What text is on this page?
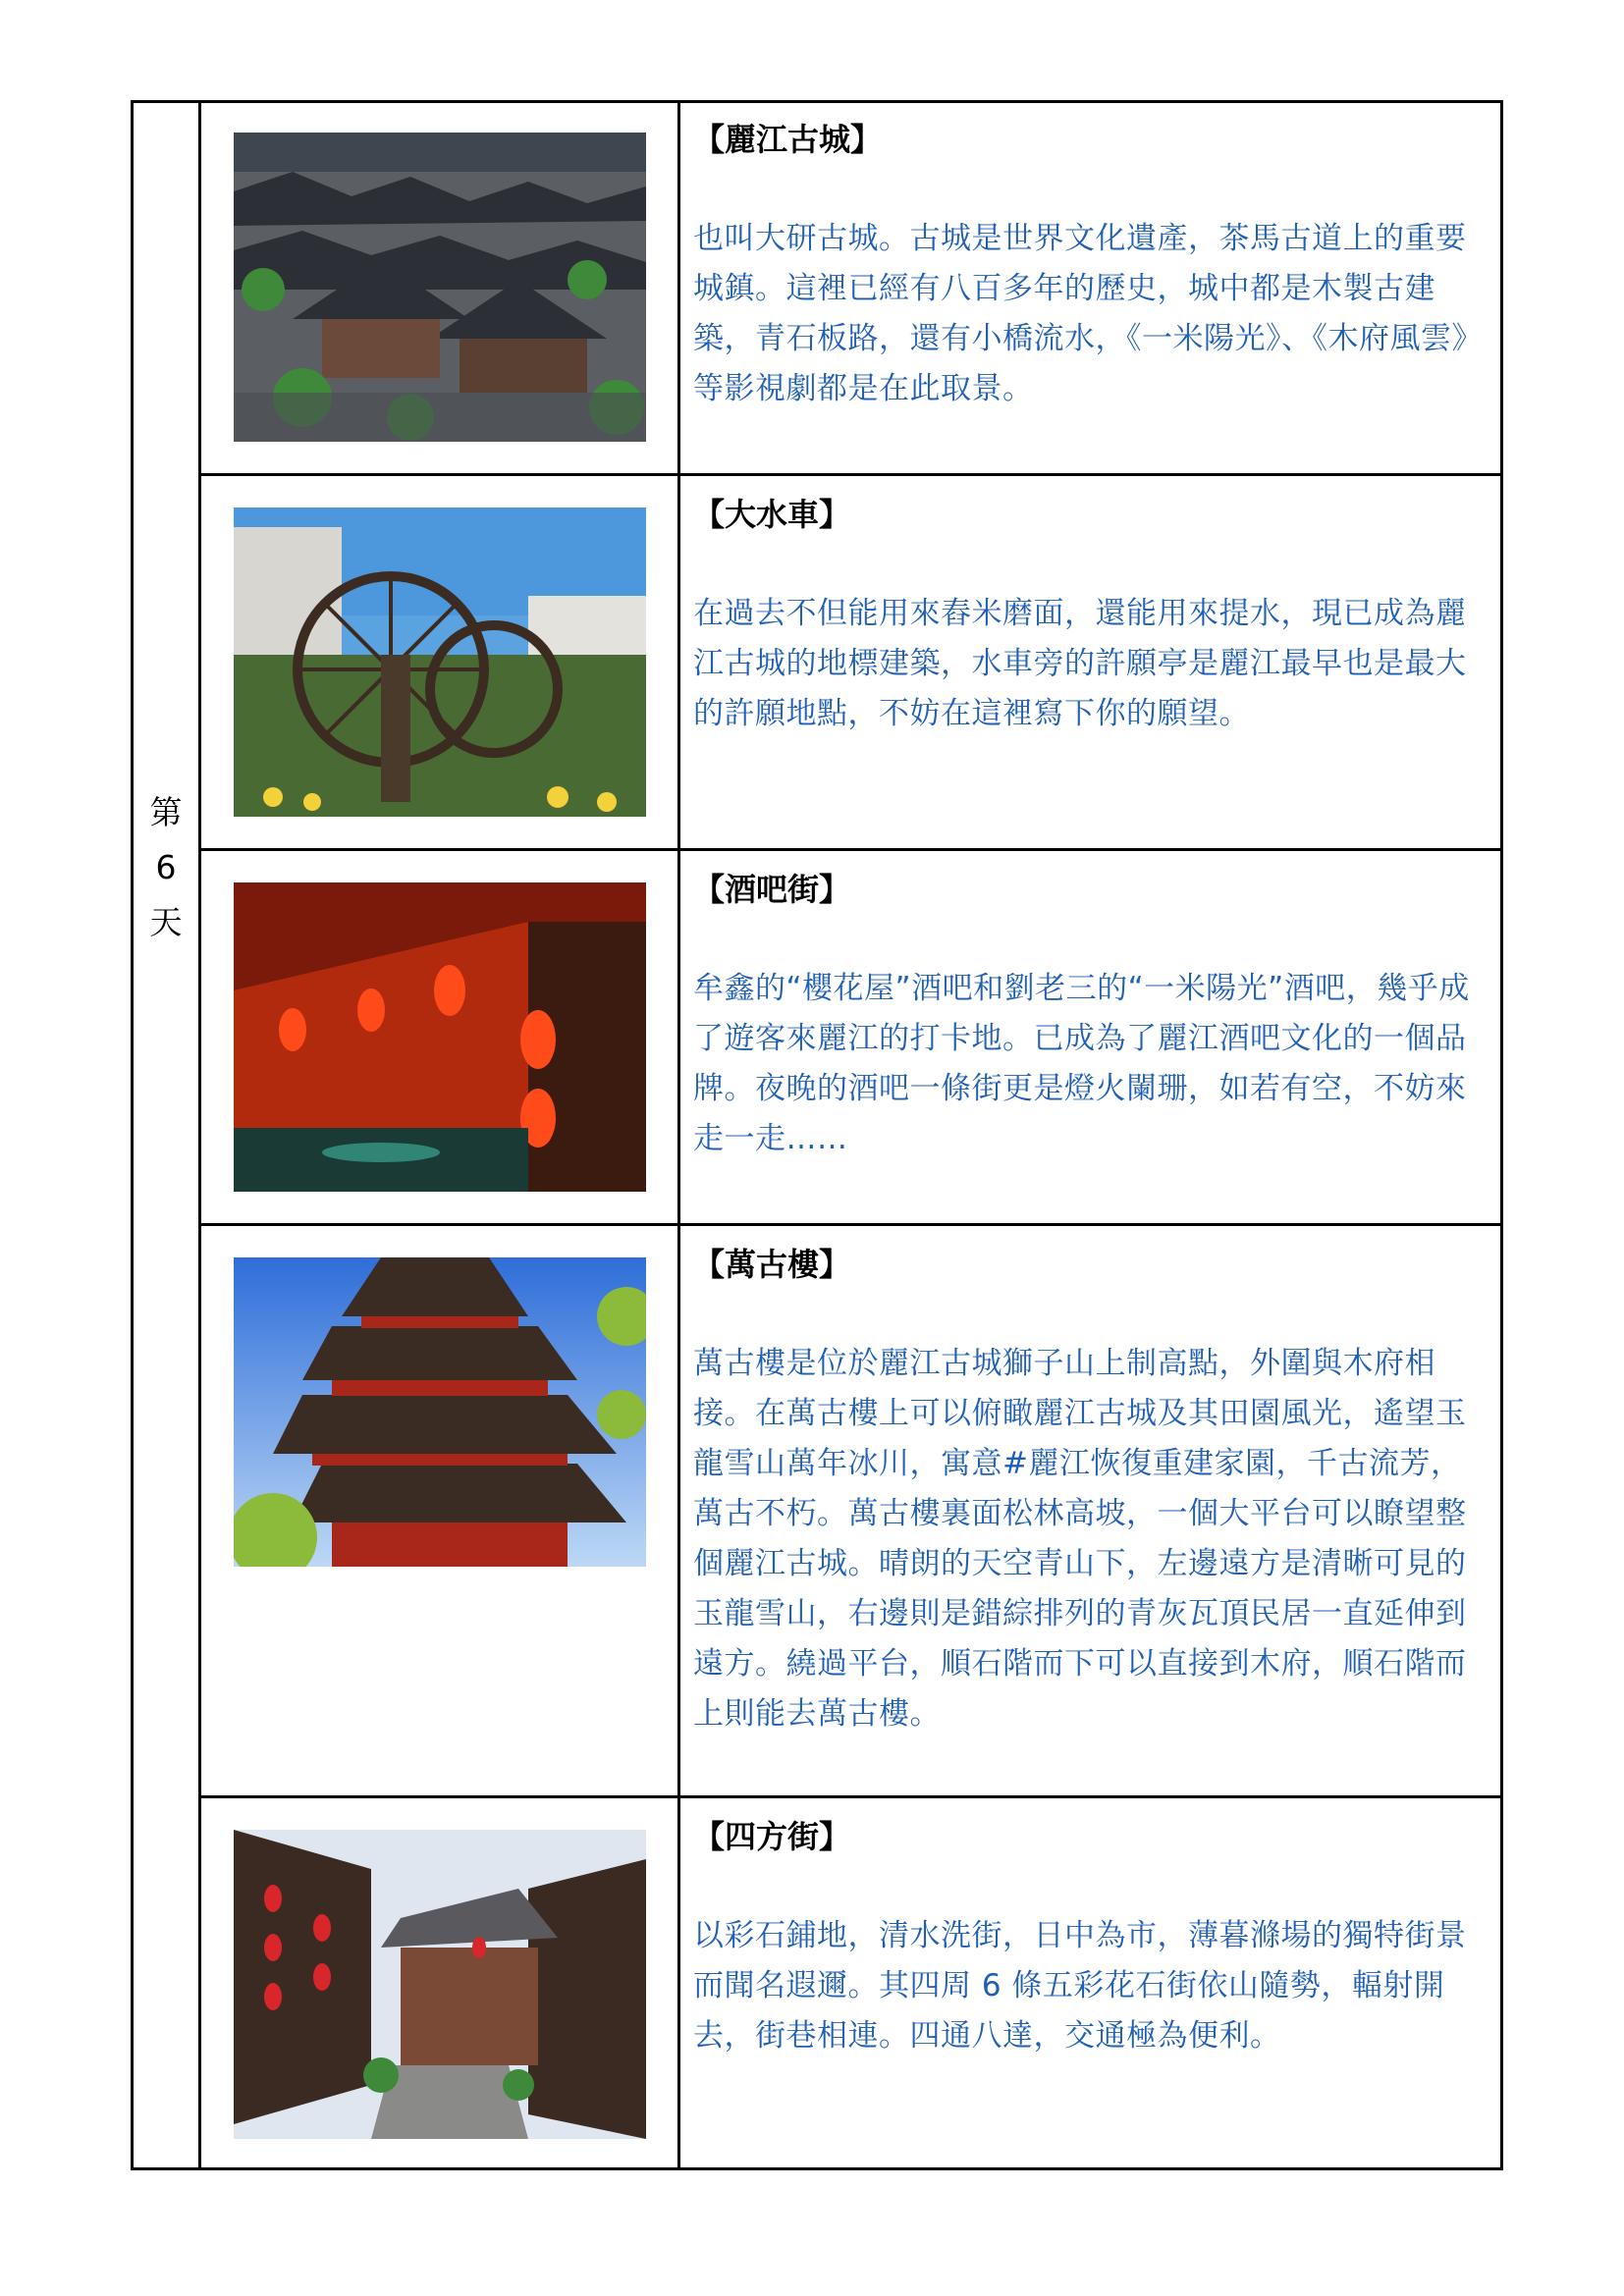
第
6
天
【麗江古城】
也叫大研古城。古城是世界文化遺產，茶馬古道上的重要城鎮。這裡已經有八百多年的歷史，城中都是木製古建築，青石板路，還有小橋流水，《一米陽光》、《木府風雲》等影視劇都是在此取景。
【大水車】
在過去不但能用來舂米磨面，還能用來提水，現已成為麗江古城的地標建築，水車旁的許願亭是麗江最早也是最大的許願地點，不妨在這裡寫下你的願望。
【酒吧街】
牟鑫的“櫻花屋”酒吧和劉老三的“一米陽光”酒吧，幾乎成了遊客來麗江的打卡地。已成為了麗江酒吧文化的一個品牌。夜晚的酒吧一條街更是燈火闌珊，如若有空，不妨來走一走……
【萬古樓】
萬古樓是位於麗江古城獅子山上制高點，外圍與木府相接。在萬古樓上可以俯瞰麗江古城及其田園風光，遙望玉龍雪山萬年冰川，寓意#麗江恢復重建家園，千古流芳，萬古不朽。萬古樓裏面松林高坡，一個大平台可以瞭望整個麗江古城。晴朗的天空青山下，左邊遠方是清晰可見的玉龍雪山，右邊則是錯綜排列的青灰瓦頂民居一直延伸到遠方。繞過平台，順石階而下可以直接到木府，順石階而上則能去萬古樓。
【四方街】
以彩石鋪地，清水洗街，日中為市，薄暮滌場的獨特街景而聞名遐邇。其四周 6 條五彩花石街依山隨勢，輻射開去，街巷相連。四通八達，交通極為便利。
